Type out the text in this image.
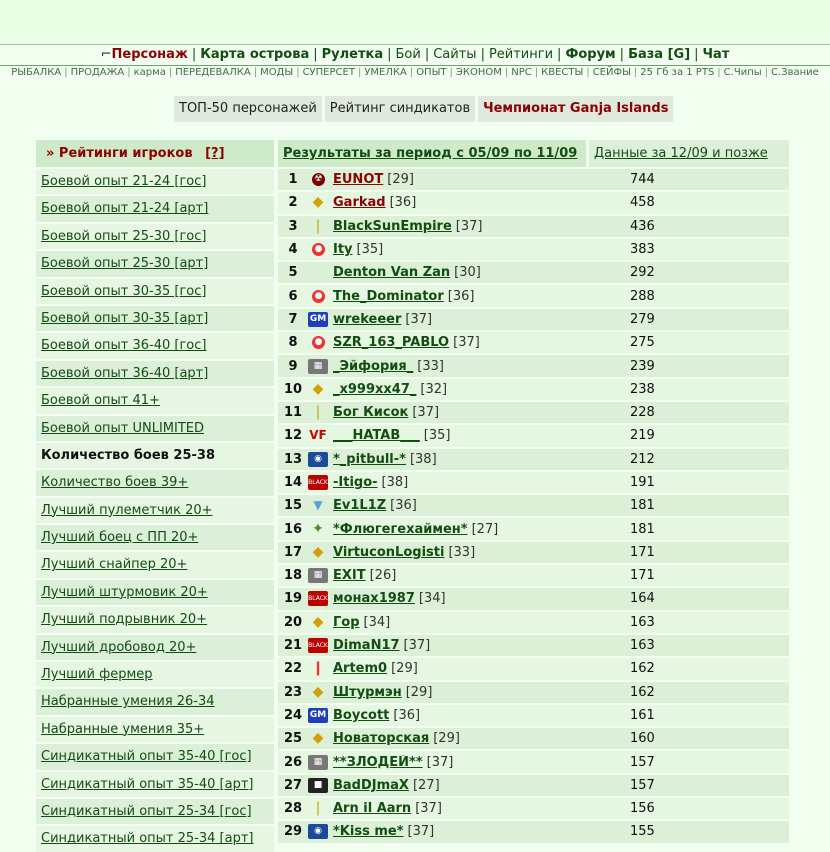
⌐Персонаж | Карта острова | Рулетка | Бой | Сайты | Рейтинги | Форум | База [G] | Чат
РЫБАЛКА | ПРОДАЖА | карма | ПЕРЕДЕВАЛКА | МОДЫ | СУПЕРСЕТ | УМЕЛКА | ОПЫТ | ЭКОНОМ | NPC | КВЕСТЫ | СЕЙФЫ | 25 Гб за 1 PTS | С.Чипы | С.Звание
ТОП-50 персонажей	Рейтинг синдикатов	Чемпионат Ganja Islands
» Рейтинги игроков [?]
Боевой опыт 21-24 [гос]
Боевой опыт 21-24 [арт]
Боевой опыт 25-30 [гос]
Боевой опыт 25-30 [арт]
Боевой опыт 30-35 [гос]
Боевой опыт 30-35 [арт]
Боевой опыт 36-40 [гос]
Боевой опыт 36-40 [арт]
Боевой опыт 41+
Боевой опыт UNLIMITED
Количество боев 25-38
Количество боев 39+
Лучший пулеметчик 20+
Лучший боец с ПП 20+
Лучший снайпер 20+
Лучший штурмовик 20+
Лучший подрывник 20+
Лучший дробовод 20+
Лучший фермер
Набранные умения 26-34
Набранные умения 35+
Синдикатный опыт 35-40 [гос]
Синдикатный опыт 35-40 [арт]
Синдикатный опыт 25-34 [гос]
Синдикатный опыт 25-34 [арт]
Результаты за период с 05/09 по 11/09	Данные за 12/09 и позже
1	☢ EUNOT [29]	744
2	◆ Garkad [36]	458
3	❘ BlackSunEmpire [37]	436
4	● Ity [35]	383
5	Denton Van Zan [30]	292
6	● The_Dominator [36]	288
7	GM wrekeeer [37]	279
8	● SZR_163_PABLO [37]	275
9	▦ _Эйфория_ [33]	239
10 ◆ _x999xx47_ [32]	238
11 ❘ Бог Кисок [37]	228
12 VF ___HATAB___ [35]	219
13	◉ *_pitbull-* [38]	212
14	BLACK -Itigo- [38]	191
15 ▼ Ev1L1Z [36]	181
16 ✦ *Флюгегехаймен* [27]	181
17 ◆ VirtuconLogisti [33]	171
18	▦ EXIT [26]	171
19	BLACK монах1987 [34]	164
20 ◆ Гор [34]	163
21	BLACK DimaN17 [37]	163
22 ❙ Artem0 [29]	162
23 ◆ Штурмэн [29]	162
24 GM Boycott [36]	161
25 ◆ Новаторская [29]	160
26	▦ **ЗЛОДЕЙ** [37]	157
27	■ BadDJmaX [27]	157
28 ❘ Arn il Aarn [37]	156
29	◉ *Kiss me* [37]	155
